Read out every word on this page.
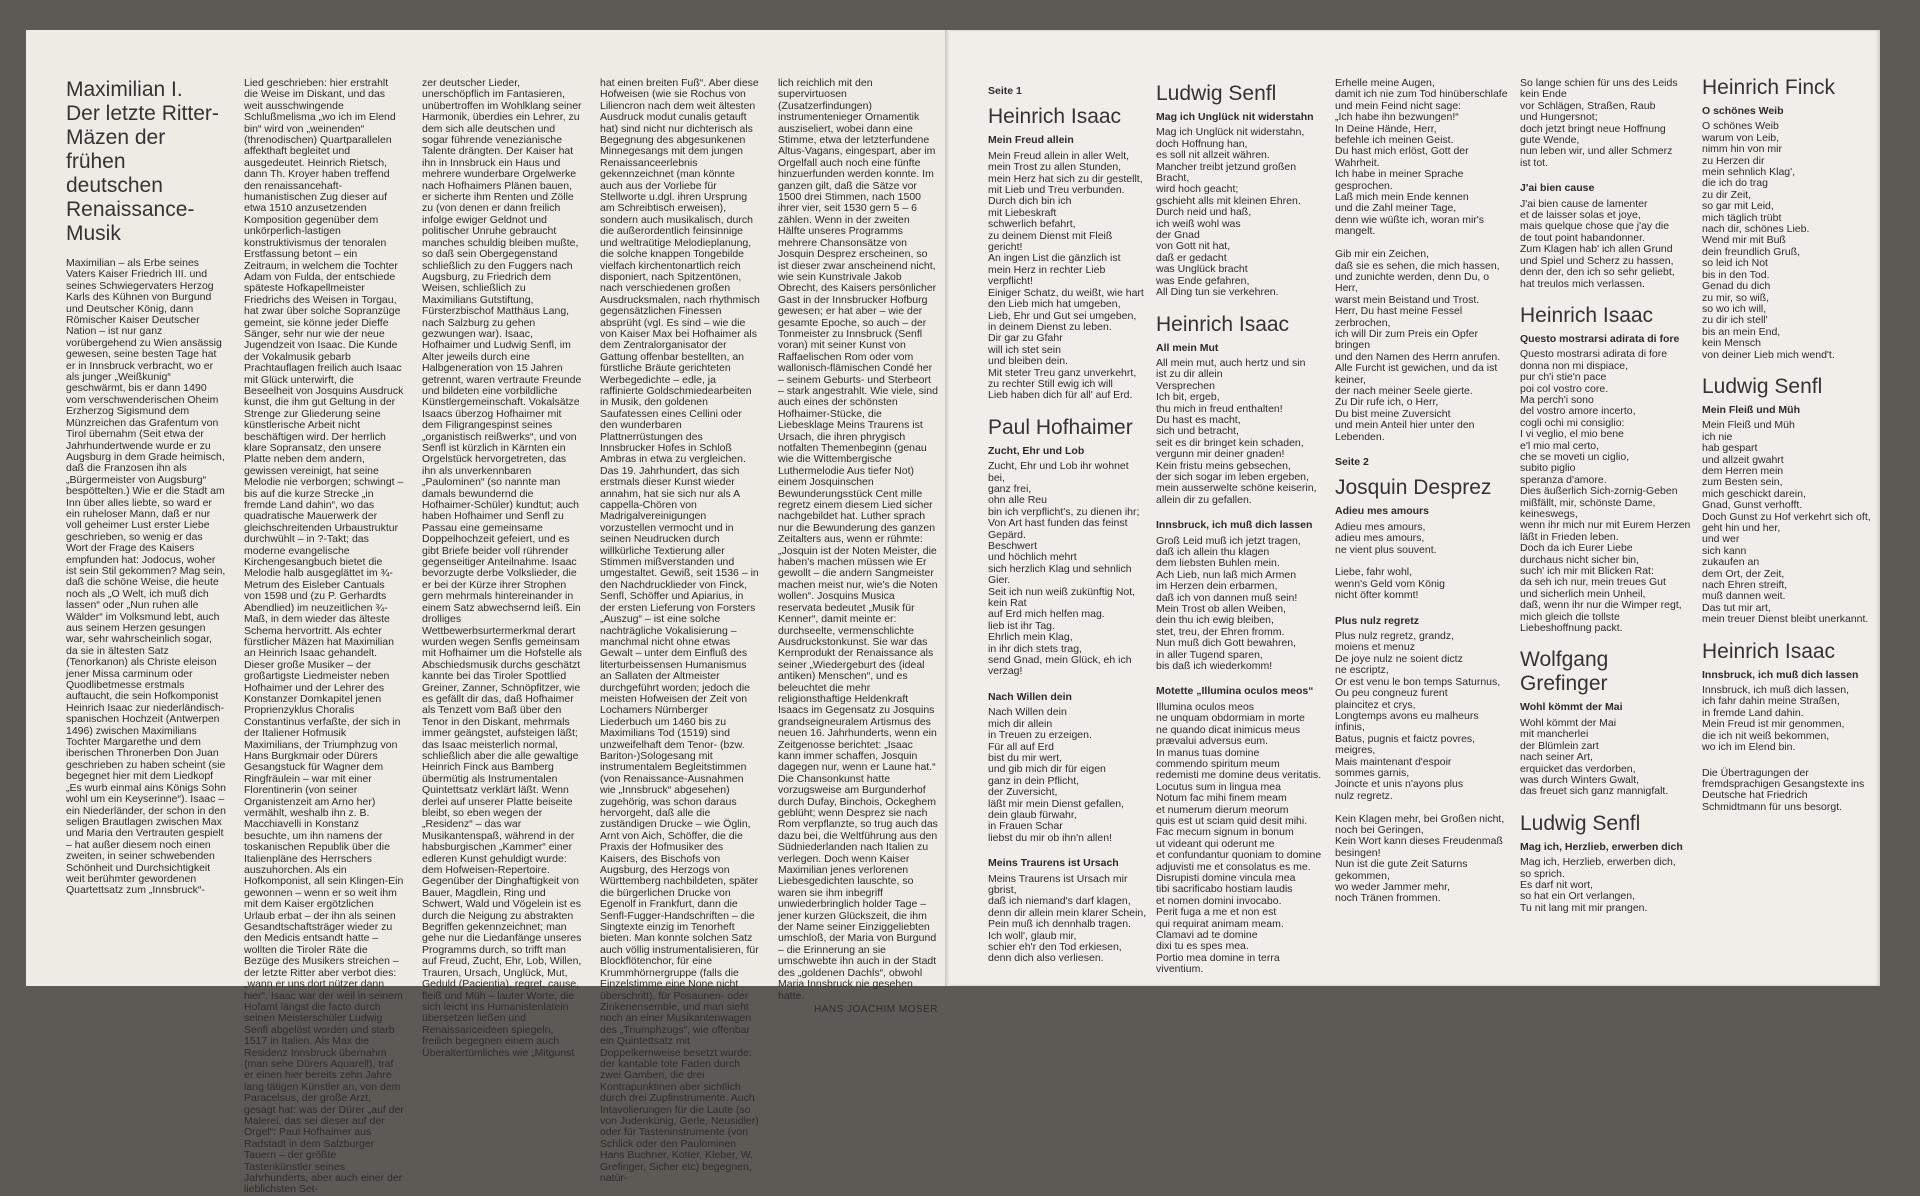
Maximilian I.
Der letzte Ritter-
Mäzen der frühen
deutschen
Renaissance-
Musik

Maximilian – als Erbe seines Vaters Kaiser Friedrich III. und seines Schwiegervaters Herzog Karls des Kühnen von Burgund und Deutscher König, dann Römischer Kaiser Deutscher Nation – ist nur ganz vorübergehend zu Wien ansässig gewesen, seine besten Tage hat er in Innsbruck verbracht, wo er als junger „Weißkunig“ geschwärmt, bis er dann 1490 vom verschwenderischen Oheim Erzherzog Sigismund dem Münzreichen das Grafentum von Tirol übernahm (Seit etwa der Jahrhundertwende wurde er zu Augsburg in dem Grade heimisch, daß die Franzosen ihn als „Bürgermeister von Augsburg“ bespöttelten.) Wie er die Stadt am Inn über alles liebte, so ward er ein ruheloser Mann, daß er nur voll geheimer Lust erster Liebe geschrieben, so wenig er das Wort der Frage des Kaisers empfunden hat: Jodocus, woher ist sein Stil gekommen? Mag sein, daß die schöne Weise, die heute noch als „O Welt, ich muß dich lassen“ oder „Nun ruhen alle Wälder“ im Volksmund lebt, auch aus seinem Herzen gesungen war, sehr wahrscheinlich sogar, da sie in ältesten Satz (Tenorkanon) als Christe eleison jener Missa carminum oder Quodlibetmesse erstmals auftaucht, die sein Hofkomponist Heinrich Isaac zur niederländisch-spanischen Hochzeit (Antwerpen 1496) zwischen Maximilians Tochter Margarethe und dem iberischen Thronerben Don Juan geschrieben zu haben scheint (sie begegnet hier mit dem Liedkopf „Es wurb einmal ains Königs Sohn wohl um ein Keyserinne“). Isaac – ein Niederländer, der schon in den seligen Brautlagen zwischen Max und Maria den Vertrauten gespielt – hat außer diesem noch einen zweiten, in seiner schwebenden Schönheit und Durchsichtigkeit weit berühmter gewordenen Quartettsatz zum „Innsbruck“-

Lied geschrieben: hier erstrahlt die Weise im Diskant, und das weit ausschwingende Schlußmelisma „wo ich im Elend bin“ wird von „weinenden“ (threnodischen) Quartparallelen affekthaft begleitet und ausgedeutet. Heinrich Rietsch, dann Th. Kroyer haben treffend den renaissancehaft-humanistischen Zug dieser auf etwa 1510 anzusetzenden Komposition gegenüber dem unkörperlich-lastigen konstruktivismus der tenoralen Erstfassung betont – ein Zeitraum, in welchem die Tochter Adam von Fulda, der entschiede späteste Hofkapellmeister Friedrichs des Weisen in Torgau, hat zwar über solche Sopranzüge gemeint, sie könne jeder Dieffe Sänger, sehr nur wie der neue Jugendzeit von Isaac. Die Kunde der Vokalmusik gebarb Prachtauflagen freilich auch Isaac mit Glück unterwirft, die Beseelheit von Josquins Ausdruck kunst, die ihm gut Geltung in der Strenge zur Gliederung seine künstlerische Arbeit nicht beschäftigen wird. Der herrlich klare Sopransatz, den unsere Platte neben dem andern, gewissen vereinigt, hat seine Melodie nie verborgen; schwingt – bis auf die kurze Strecke „in fremde Land dahin“, wo das quadratische Mauerwerk der gleichschreitenden Urbaustruktur durchwühlt – in ?-Takt; das moderne evangelische Kirchengesangbuch bietet die Melodie halb ausgeglättet im ¾-Metrum des Eisleber Cantuals von 1598 und (zu P. Gerhardts Abendlied) im neuzeitlichen ¾-Maß, in dem wieder das älteste Schema hervortritt. Als echter fürstlicher Mäzen hat Maximilian an Heinrich Isaac gehandelt. Dieser große Musiker – der großartigste Liedmeister neben Hofhaimer und der Lehrer des Konstanzer Domkapitel jenen Proprienzyklus Choralis Constantinus verfaßte, der sich in der Italiener Hofmusik Maximilians, der Triumphzug von Hans Burgkmair oder Dürers Gesangstuck für Wagner dem Ringfräulein – war mit einer Florentinerin (von seiner Organistenzeit am Arno her) vermählt, weshalb ihn z. B. Macchiavelli in Konstanz besuchte, um ihn namens der toskanischen Republik über die Italienpläne des Herrschers auszuhorchen. Als ein Hofkomponist, all sein Klingen-Ein gewonnen – wenn er so weit ihm mit dem Kaiser ergötzlichen Urlaub erbat – der ihn als seinen Gesandtschaftsträger wieder zu den Medicis entsandt hatte – wollten die Tiroler Räte die Bezüge des Musikers streichen – der letzte Ritter aber verbot dies: „wann er uns dort nützer dann hier“. Isaac war der weil in seinem Hofamt längst die facto durch seinen Meisterschüler Ludwig Senfl abgelöst worden und starb 1517 in Italien. Als Max die Residenz Innsbruck übernahm (man sehe Dürers Aquarell), traf er einen hier bereits zehn Jahre lang tätigen Künstler an, von dem Paracelsus, der große Arzt, gesagt hat: was der Dürer „auf der Malerei, das sei dieser auf der Orgel“: Paul Hofhaimer aus Radstadt in dem Salzburger Tauern – der größte Tastenkünstler seines Jahrhunderts, aber auch einer der lieblichsten Set-

zer deutscher Lieder, unerschöpflich im Fantasieren, unübertroffen im Wohlklang seiner Harmonik, überdies ein Lehrer, zu dem sich alle deutschen und sogar führende venezianische Talente drängten. Der Kaiser hat ihn in Innsbruck ein Haus und mehrere wunderbare Orgelwerke nach Hofhaimers Plänen bauen, er sicherte ihm Renten und Zölle zu (von denen er dann freilich infolge ewiger Geldnot und politischer Unruhe gebraucht manches schuldig bleiben mußte, so daß sein Obergegenstand schließlich zu den Fuggers nach Augsburg, zu Friedrich dem Weisen, schließlich zu Maximilians Gutstiftung, Fürsterzbischof Matthäus Lang, nach Salzburg zu gehen gezwungen war). Isaac, Hofhaimer und Ludwig Senfl, im Alter jeweils durch eine Halbgeneration von 15 Jahren getrennt, waren vertraute Freunde und bildeten eine vorbildliche Künstlergemeinschaft. Vokalsätze Isaacs überzog Hofhaimer mit dem Filigrangespinst seines „organistisch reißwerks“, und von Senfl ist kürzlich in Kärnten ein Orgelstück hervorgetreten, das ihn als unverkennbaren „Paulominen“ (so nannte man damals bewundernd die Hofhaimer-Schüler) kundtut; auch haben Hofhaimer und Senfl zu Passau eine gemeinsame Doppelhochzeit gefeiert, und es gibt Briefe beider voll rührender gegenseitiger Anteilnahme. Isaac bevorzugte derbe Volkslieder, die er bei der Kürze ihrer Strophen gern mehrmals hintereinander in einem Satz abwechsernd leiß. Ein drolliges Wettbewerbsurtermerkmal derart wurden wegen Senfls gemeinsam mit Hofhaimer um die Hofstelle als Abschiedsmusik durchs geschätzt kannte bei das Tiroler Spottlied Greiner, Zanner, Schnöpfitzer, wie es gefällt dir das, daß Hofhaimer als Tenzett vom Baß über den Tenor in den Diskant, mehrmals immer geängstet, aufsteigen läßt; das Isaac meisterlich normal, schließlich aber die alle gewaltige Heinrich Finck aus Bamberg übermütig als Instrumentalen Quintettsatz verklärt läßt. Wenn derlei auf unserer Platte beiseite bleibt, so eben wegen der „Residenz“ – das war Musikantenspaß, während in der habsburgischen „Kammer“ einer edleren Kunst gehuldigt wurde: dem Hofweisen-Repertoire. Gegenüber der Dinghaftigkeit von Bauer, Magdlein, Ring und Schwert, Wald und Vögelein ist es durch die Neigung zu abstrakten Begriffen gekennzeichnet; man gehe nur die Liedanfänge unseres Programms durch, so trifft man auf Freud, Zucht, Ehr, Lob, Willen, Trauren, Ursach, Unglück, Mut, Geduld (Pacientia), regret, cause, fleiß und Müh – lauter Worte, die sich leicht ins Humanistenlatein übersetzen ließen und Renaissanceideen spiegeln, freilich begegnen einem auch Überaltertümliches wie „Mitgunst

hat einen breiten Fuß“. Aber diese Hofweisen (wie sie Rochus von Liliencron nach dem weit ältesten Ausdruck modut cunalis getauft hat) sind nicht nur dichterisch als Begegnung des abgesunkenen Minnegesangs mit dem jungen Renaissanceerlebnis gekennzeichnet (man könnte auch aus der Vorliebe für Stellworte u.dgl. ihren Ursprung am Schreibtisch erweisen), sondern auch musikalisch, durch die außerordentlich feinsinnige und weltraütige Melodieplanung, die solche knappen Tongebilde vielfach kirchentonartlich reich disponiert, nach Spitzentönen, nach verschiedenen großen Ausdrucksmalen, nach rhythmisch gegensätzlichen Finessen absprüht (vgl. Es sind – wie die von Kaiser Max bei Hofhaimer als dem Zentralorganisator der Gattung offenbar bestellten, an fürstliche Bräute gerichteten Werbegedichte – edle, ja raffinierte Goldschmiedearbeiten in Musik, den goldenen Saufatessen eines Cellini oder den wunderbaren Plattnerrüstungen des Innsbrucker Hofes in Schloß Ambras in etwa zu vergleichen. Das 19. Jahrhundert, das sich erstmals dieser Kunst wieder annahm, hat sie sich nur als A cappella-Chören von Madrigalvereinigungen vorzustellen vermocht und in seinen Neudrucken durch willkürliche Textierung aller Stimmen mißverstanden und umgestaltet. Gewiß, seit 1536 – in den Nachdrucklieder von Finck, Senfl, Schöffer und Apiarius, in der ersten Lieferung von Forsters „Auszug“ – ist eine solche nachträgliche Vokalisierung – manchmal nicht ohne etwas Gewalt – unter dem Einfluß des literturbeissensen Humanismus an Sallaten der Altmeister durchgeführt worden; jedoch die meisten Hofweisen der Zeit von Lochamers Nürnberger Liederbuch um 1460 bis zu Maximilians Tod (1519) sind unzweifelhaft dem Tenor- (bzw. Bariton-)Sologesang mit instrumentalem Begleitstimmen (von Renaissance-Ausnahmen wie „Innsbruck“ abgesehen) zugehörig, was schon daraus hervorgeht, daß alle die zuständigen Drucke – wie Öglin, Arnt von Aich, Schöffer, die die Praxis der Hofmusiker des Kaisers, des Bischofs von Augsburg, des Herzogs von Württemberg nachbildeten, später die bürgerlichen Drucke von Egenolf in Frankfurt, dann die Senfl-Fugger-Handschriften – die Singtexte einzig im Tenorheft bieten. Man konnte solchen Satz auch völlig instrumentalisieren, für Blockflötenchor, für eine Krummhörnergruppe (falls die Einzelstimme eine None nicht überschritt), für Posaunen- oder Zinkenensemble, und man sieht noch an einer Musikantenwagen des „Triumphzugs“, wie offenbar ein Quintettsatz mit Doppelkernweise besetzt wurde: der kantable tote Faden durch zwei Gamben, die drei Kontrapunktinen aber sichtlich durch drei Zupfinstrumente. Auch Intavolierungen für die Laute (so von Judenkünig, Gerle, Neusidler) oder für Tasteninstrumente (von Schlick oder den Paulominen Hans Buchner, Kotter, Kleber, W. Grefinger, Sicher etc) begegnen, natür-

lich reichlich mit den supervirtuosen (Zusatzerfindungen) instrumentenieger Ornamentik ausziseliert, wobei dann eine Stimme, etwa der letzterfundene Altus-Vagans, eingespart, aber im Orgelfall auch noch eine fünfte hinzuerfunden werden konnte. Im ganzen gilt, daß die Sätze vor 1500 drei Stimmen, nach 1500 ihrer vier, seit 1530 gern 5 – 6 zählen. Wenn in der zweiten Hälfte unseres Programms mehrere Chansonsätze von Josquin Desprez erscheinen, so ist dieser zwar anscheinend nicht, wie sein Kunstrivale Jakob Obrecht, des Kaisers persönlicher Gast in der Innsbrucker Hofburg gewesen; er hat aber – wie der gesamte Epoche, so auch – der Tonmeister zu Innsbruck (Senfl voran) mit seiner Kunst von Raffaelischen Rom oder vom wallonisch-flämischen Condé her – seinem Geburts- und Sterbeort – stark angestrahlt. Wie viele, sind auch eines der schönsten Hofhaimer-Stücke, die Liebesklage Meins Traurens ist Ursach, die ihren phrygisch notfalten Themenbeginn (genau wie die Wittembergische Luthermelodie Aus tiefer Not) einem Josquinschen Bewunderungsstück Cent mille regretz einem diesem Lied sicher nachgebildet hat. Luther sprach nur die Bewunderung des ganzen Zeitalters aus, wenn er rühmte: „Josquin ist der Noten Meister, die haben's machen müssen wie Er gewollt – die andern Sangmeister machen meist nur, wie's die Noten wollen“. Josquins Musica reservata bedeutet „Musik für Kenner“, damit meinte er: durchseelte, vermenschlichte Ausdruckstonkunst. Sie war das Kernprodukt der Renaissance als seiner „Wiedergeburt des (ideal antiken) Menschen“, und es beleuchtet die mehr religionsthaftige Heldenkraft Isaacs im Gegensatz zu Josquins grandseigneuralem Artismus des neuen 16. Jahrhunderts, wenn ein Zeitgenosse berichtet: „Isaac kann immer schaffen, Josquin dagegen nur, wenn er Laune hat.“ Die Chansonkunst hatte vorzugsweise am Burgunderhof durch Dufay, Binchois, Ockeghem geblüht; wenn Desprez sie nach Rom verpflanzte, so trug auch das dazu bei, die Weltführung aus den Südniederlanden nach Italien zu verlegen. Doch wenn Kaiser Maximilian jenes verlorenen Liebesgedichten lauschte, so waren sie ihm inbegriff unwiederbringlich holder Tage – jener kurzen Glückszeit, die ihm der Name seiner Einziggeliebten umschloß, der Maria von Burgund – die Erinnerung an sie umschwebte ihn auch in der Stadt des „goldenen Dachls“, obwohl Maria Innsbruck nie gesehen hatte.

HANS JOACHIM MOSER
Seite 1
Heinrich Isaac
Mein Freud allein
Mein Freud allein in aller Welt,
mein Trost zu allen Stunden,
mein Herz hat sich zu dir gestellt,
mit Lieb und Treu verbunden.
Durch dich bin ich
mit Liebeskraft
schwerlich befahrt,
zu deinem Dienst mit Fleiß gericht!
An ingen List die gänzlich ist
mein Herz in rechter Lieb verpflicht!
Einiger Schatz, du weißt, wie hart
den Lieb mich hat umgeben,
Lieb, Ehr und Gut sei umgeben,
in deinem Dienst zu leben.
Dir gar zu Gfahr
will ich stet sein
und bleiben dein.
Mit steter Treu ganz unverkehrt,
zu rechter Still ewig ich will
Lieb haben dich für all' auf Erd.
Paul Hofhaimer
Zucht, Ehr und Lob
Zucht, Ehr und Lob ihr wohnet bei,
ganz frei,
ohn alle Reu
bin ich verpflicht's, zu dienen ihr;
Von Art hast funden das feinst Gepärd.
Beschwert
und höchlich mehrt
sich herzlich Klag und sehnlich Gier.
Seit ich nun weiß zukünftig Not,
kein Rat
auf Erd mich helfen mag.
lieb ist ihr Tag.
Ehrlich mein Klag,
in ihr dich stets trag,
send Gnad, mein Glück, eh ich verzag!
Nach Willen dein
Nach Willen dein
mich dir allein
in Treuen zu erzeigen.
Für all auf Erd
bist du mir wert,
und gib mich dir für eigen
ganz in dein Pflicht,
der Zuversicht,
läßt mir mein Dienst gefallen,
dein glaub fürwahr,
in Frauen Schar
liebst du mir ob ihn'n allen!
Meins Traurens ist Ursach
Meins Traurens ist Ursach mir gbrist,
daß ich niemand's darf klagen,
denn dir allein mein klarer Schein,
Pein muß ich dennhalb tragen.
Ich woll', glaub mir,
schier eh'r den Tod erkiesen,
denn dich also verliesen.
Ludwig Senfl
Mag ich Unglück nit widerstahn
Mag ich Unglück nit widerstahn,
doch Hoffnung han,
es soll nit allzeit währen.
Mancher treibt jetzund großen Bracht,
wird hoch geacht;
gschieht alls mit kleinen Ehren.
Durch neid und haß,
ich weiß wohl was
der Gnad
von Gott nit hat,
daß er gedacht
was Unglück bracht
was Ende gefahren,
All Ding tun sie verkehren.
Heinrich Isaac
All mein Mut
All mein mut, auch hertz und sin
ist zu dir allein
Versprechen
Ich bit, ergeb,
thu mich in freud enthalten!
Du hast es macht,
sich und betracht,
seit es dir bringet kein schaden,
vergunn mir deiner gnaden!
Kein fristu meins gebsechen,
der sich sogar im leben ergeben,
mein ausserwelte schöne keiserin,
allein dir zu gefallen.
Innsbruck, ich muß dich lassen
Groß Leid muß ich jetzt tragen,
daß ich allein thu klagen
dem liebsten Buhlen mein.
Ach Lieb, nun laß mich Armen
im Herzen dein erbarmen,
daß ich von dannen muß sein!
Mein Trost ob allen Weiben,
dein thu ich ewig bleiben,
stet, treu, der Ehren fromm.
Nun muß dich Gott bewahren,
in aller Tugend sparen,
bis daß ich wiederkomm!
Motette „Illumina oculos meos“
Illumina oculos meos
ne unquam obdormiam in morte
ne quando dicat inimicus meus
prævalui adversus eum.
In manus tuas domine
commendo spiritum meum
redemisti me domine deus veritatis.
Locutus sum in lingua mea
Notum fac mihi finem meam
et numerum dierum meorum
quis est ut sciam quid desit mihi.
Fac mecum signum in bonum
ut videant qui oderunt me
et confundantur quoniam to domine
adjuvisti me et consolatus es me.
Disrupisti domine vincula mea
tibi sacrificabo hostiam laudis
et nomen domini invocabo.
Perit fuga a me et non est
qui requirat animam meam.
Clamavi ad te domine
dixi tu es spes mea.
Portio mea domine in terra viventium.
Erhelle meine Augen,
damit ich nie zum Tod hinüberschlafe
und mein Feind nicht sage:
„Ich habe ihn bezwungen!“
In Deine Hände, Herr,
befehle ich meinen Geist.
Du hast mich erlöst, Gott der Wahrheit.
Ich habe in meiner Sprache gesprochen.
Laß mich mein Ende kennen
und die Zahl meiner Tage,
denn wie wüßte ich, woran mir's mangelt.

Gib mir ein Zeichen,
daß sie es sehen, die mich hassen,
und zunichte werden, denn Du, o Herr,
warst mein Beistand und Trost.
Herr, Du hast meine Fessel zerbrochen,
ich will Dir zum Preis ein Opfer bringen
und den Namen des Herrn anrufen.
Alle Furcht ist gewichen, und da ist keiner,
der nach meiner Seele gierte.
Zu Dir rufe ich, o Herr,
Du bist meine Zuversicht
und mein Anteil hier unter den Lebenden.
Seite 2
Josquin Desprez
Adieu mes amours
Adieu mes amours,
adieu mes amours,
ne vient plus souvent.

Liebe, fahr wohl,
wenn's Geld vom König
nicht öfter kommt!
Plus nulz regretz
Plus nulz regretz, grandz,
moiens et menuz
De joye nulz ne soient dictz
ne escriptz,
Or est venu le bon temps Saturnus,
Ou peu congneuz furent
plaincitez et crys,
Longtemps avons eu malheurs infinis,
Batus, pugnis et faictz povres,
meigres,
Mais maintenant d'espoir
sommes garnis,
Joincte et unis n'ayons plus
nulz regretz.

Kein Klagen mehr, bei Großen nicht,
noch bei Geringen,
Kein Wort kann dieses Freudenmaß
besingen!
Nun ist die gute Zeit Saturns
gekommen,
wo weder Jammer mehr,
noch Tränen frommen.
So lange schien für uns des Leids
kein Ende
vor Schlägen, Straßen, Raub
und Hungersnot;
doch jetzt bringt neue Hoffnung
gute Wende,
nun leben wir, und aller Schmerz
ist tot.
J'ai bien cause
J'ai bien cause de lamenter
et de laisser solas et joye,
mais quelque chose que j'ay die
de tout point habandonner.
Zum Klagen hab' ich allen Grund
und Spiel und Scherz zu hassen,
denn der, den ich so sehr geliebt,
hat treulos mich verlassen.
Heinrich Isaac
Questo mostrarsi adirata di fore
Questo mostrarsi adirata di fore
donna non mi dispiace,
pur ch'i stie'n pace
poi col vostro core.
Ma perch'i sono
del vostro amore incerto,
cogli ochi mi consiglio:
I vi veglio, el mio bene
e'l mio mal certo,
che se moveti un ciglio,
subito piglio
speranza d'amore.
Dies äußerlich Sich-zornig-Geben
mißfällt, mir, schönste Dame,
keineswegs,
wenn ihr mich nur mit Eurem Herzen
läßt in Frieden leben.
Doch da ich Eurer Liebe
durchaus nicht sicher bin,
such' ich mir mit Blicken Rat:
da seh ich nur, mein treues Gut
und sicherlich mein Unheil,
daß, wenn ihr nur die Wimper regt,
mich gleich die tollste
Liebeshoffnung packt.
Wolfgang Grefinger
Wohl kömmt der Mai
Wohl kömmt der Mai
mit mancherlei
der Blümlein zart
nach seiner Art,
erquicket das verdorben,
was durch Winters Gwalt,
das freuet sich ganz mannigfalt.
Ludwig Senfl
Mag ich, Herzlieb, erwerben dich
Mag ich, Herzlieb, erwerben dich,
so sprich.
Es darf nit wort,
so hat ein Ort verlangen,
Tu nit lang mit mir prangen.
Heinrich Finck
O schönes Weib
O schönes Weib
warum von Leib,
nimm hin von mir
zu Herzen dir
mein sehnlich Klag',
die ich do trag
zu dir Zeit,
so gar mit Leid,
mich täglich trübt
nach dir, schönes Lieb.
Wend mir mit Buß
dein freundlich Gruß,
so leid ich Not
bis in den Tod.
Genad du dich
zu mir, so wiß,
so wo ich will,
zu dir ich stell'
bis an mein End,
kein Mensch
von deiner Lieb mich wend't.
Ludwig Senfl
Mein Fleiß und Müh
Mein Fleiß und Müh
ich nie
hab gespart
und allzeit gwahrt
dem Herren mein
zum Besten sein,
mich geschickt darein,
Gnad, Gunst verhofft.
Doch Gunst zu Hof verkehrt sich oft,
geht hin und her,
und wer
sich kann
zukaufen an
dem Ort, der Zeit,
nach Ehren streift,
muß dannen weit.
Das tut mir art,
mein treuer Dienst bleibt unerkannt.
Heinrich Isaac
Innsbruck, ich muß dich lassen
Innsbruck, ich muß dich lassen,
ich fahr dahin meine Straßen,
in fremde Land dahin.
Mein Freud ist mir genommen,
die ich nit weiß bekommen,
wo ich im Elend bin.

Die Übertragungen der fremdsprachigen Gesangstexte ins Deutsche hat Friedrich Schmidtmann für uns besorgt.
